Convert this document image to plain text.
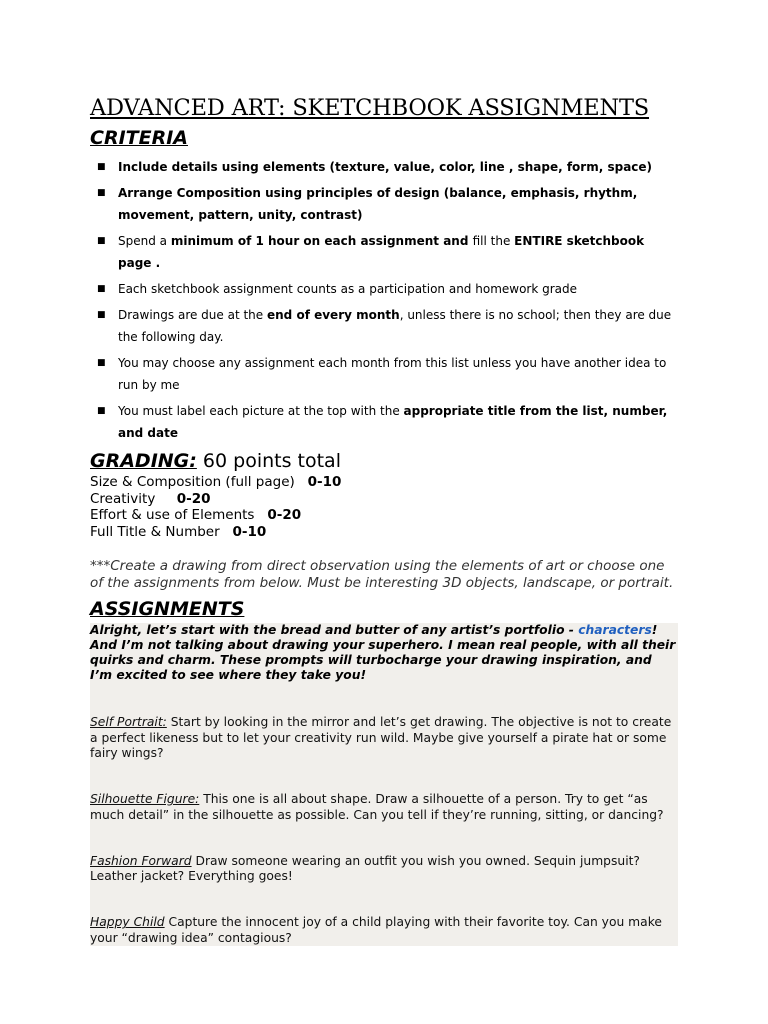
ADVANCED ART: SKETCHBOOK ASSIGNMENTS
CRITERIA
■ Include details using elements (texture, value, color, line , shape, form, space)
■ Arrange Composition using principles of design (balance, emphasis, rhythm, movement, pattern, unity, contrast)
■ Spend a minimum of 1 hour on each assignment and fill the ENTIRE sketchbook page .
■ Each sketchbook assignment counts as a participation and homework grade
■ Drawings are due at the end of every month, unless there is no school; then they are due the following day.
■ You may choose any assignment each month from this list unless you have another idea to run by me
■ You must label each picture at the top with the appropriate title from the list, number, and date
GRADING: 60 points total
Size & Composition (full page)   0-10
Creativity     0-20
Effort & use of Elements   0-20
Full Title & Number   0-10
***Create a drawing from direct observation using the elements of art or choose one of the assignments from below. Must be interesting 3D objects, landscape, or portrait.
ASSIGNMENTS
Alright, let’s start with the bread and butter of any artist’s portfolio - characters! And I’m not talking about drawing your superhero. I mean real people, with all their quirks and charm. These prompts will turbocharge your drawing inspiration, and I’m excited to see where they take you!
Self Portrait: Start by looking in the mirror and let’s get drawing. The objective is not to create a perfect likeness but to let your creativity run wild. Maybe give yourself a pirate hat or some fairy wings?
Silhouette Figure: This one is all about shape. Draw a silhouette of a person. Try to get “as much detail” in the silhouette as possible. Can you tell if they’re running, sitting, or dancing?
Fashion Forward Draw someone wearing an outfit you wish you owned. Sequin jumpsuit? Leather jacket? Everything goes!
Happy Child Capture the innocent joy of a child playing with their favorite toy. Can you make your “drawing idea” contagious?
